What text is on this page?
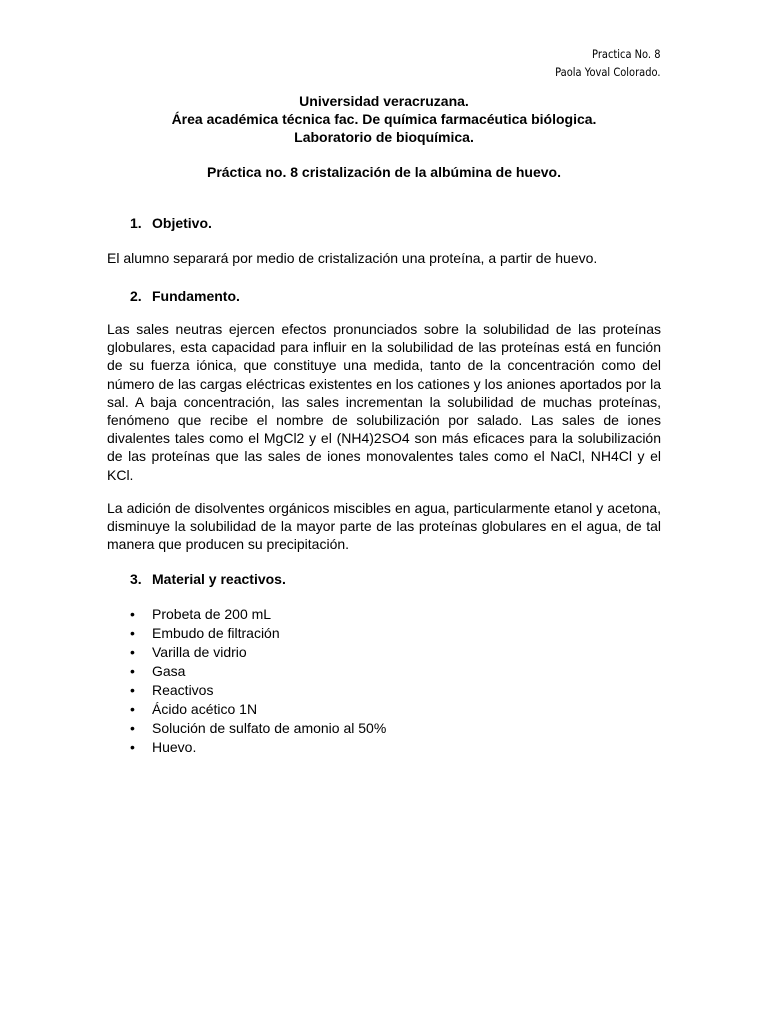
Practica No. 8
Paola Yoval Colorado.
Universidad veracruzana.
Área académica técnica fac. De química farmacéutica biólogica.
Laboratorio de bioquímica.
Práctica no. 8 cristalización de la albúmina de huevo.
1. Objetivo.
El alumno separará por medio de cristalización una proteína, a partir de huevo.
2. Fundamento.
Las sales neutras ejercen efectos pronunciados sobre la solubilidad de las proteínas globulares, esta capacidad para influir en la solubilidad de las proteínas está en función de su fuerza iónica, que constituye una medida, tanto de la concentración como del número de las cargas eléctricas existentes en los cationes y los aniones aportados por la sal. A baja concentración, las sales incrementan la solubilidad de muchas proteínas, fenómeno que recibe el nombre de solubilización por salado. Las sales de iones divalentes tales como el MgCl2 y el (NH4)2SO4 son más eficaces para la solubilización de las proteínas que las sales de iones monovalentes tales como el NaCl, NH4Cl y el KCl.
La adición de disolventes orgánicos miscibles en agua, particularmente etanol y acetona, disminuye la solubilidad de la mayor parte de las proteínas globulares en el agua, de tal manera que producen su precipitación.
3. Material y reactivos.
• Probeta de 200 mL
• Embudo de filtración
• Varilla de vidrio
• Gasa
• Reactivos
• Ácido acético 1N
• Solución de sulfato de amonio al 50%
• Huevo.
